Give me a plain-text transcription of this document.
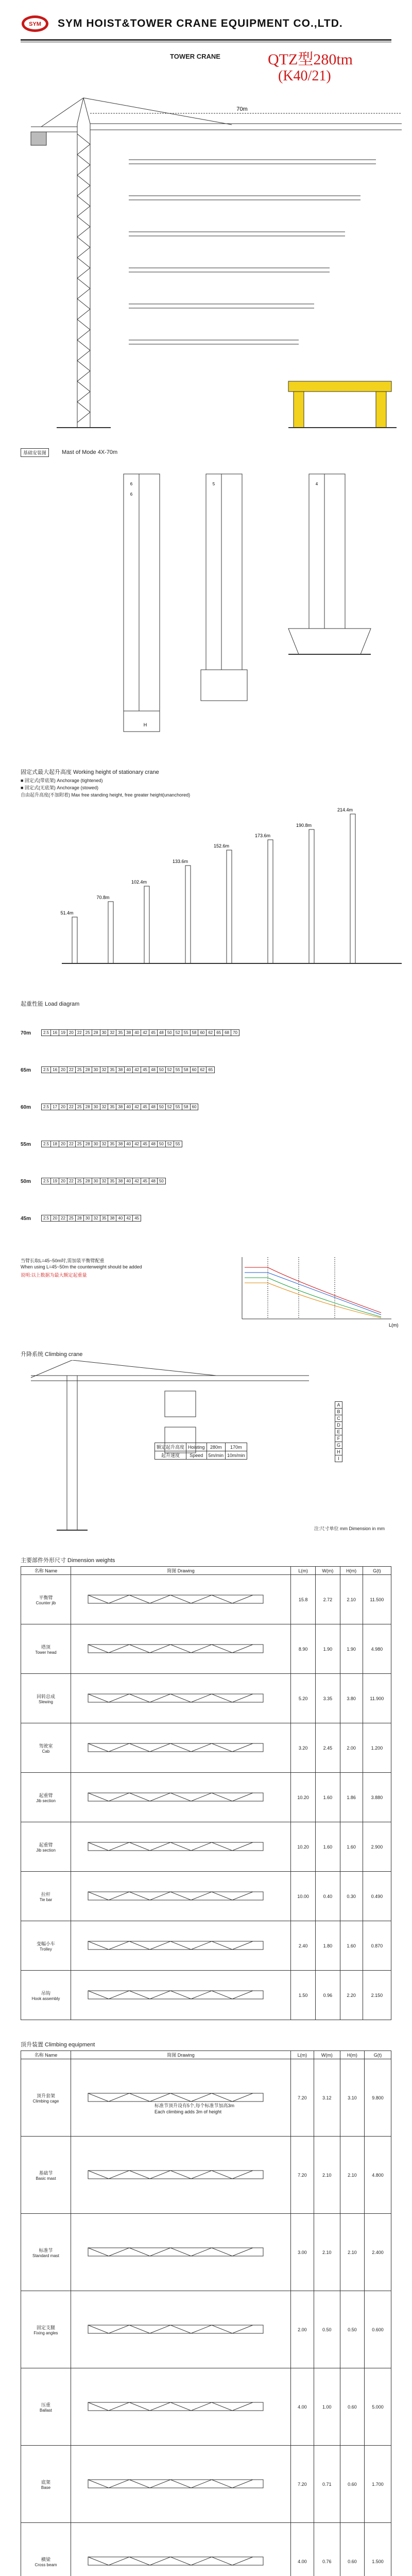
SYM SYM HOIST&TOWER CRANE EQUIPMENT CO.,LTD.
TOWER CRANE	QTZ型280tm
(K40/21)
70m
基础安装图	Mast of Mode 4X-70m
6
6
5	4
H
固定式最大起升高度 Working height of stationary crane
■ 固定式(带底架) Anchorage (tightened)
■ 固定式(无底架) Anchorage (stowed)
自由起升高度(不加附着) Max free standing height, free greater height(unanchored)
51.4m
70.8m
102.4m
133.6m
152.6m
173.6m
190.8m
214.4m
起重性能 Load diagram
70m	2.5	16	19	20	22	25	28	30	32	35	38	40	42	45	48	50	52	55	58	60	62	65	68	70
65m	2.5	16	20	22	25	28	30	32	35	38	40	42	45	48	50	52	55	58	60	62	65
60m	2.5	17	20	22	25	28	30	32	35	38	40	42	45	48	50	52	55	58	60
55m	2.5	18	20	22	25	28	30	32	35	38	40	42	45	48	50	52	55
50m	2.5	19	20	22	25	28	30	32	35	38	40	42	45	48	50
45m	2.5	20	22	25	28	30	32	35	38	40	42	45
当臂长取L=45~50m时,需加装平衡臂配重
When using L=45~50m the counterweight should be added
说明:以上数据为最大额定起重量
L(m)
升降系统 Climbing crane
额定起升高度	Hoisting	280m	170m
起升速度	Speed	5m/min	10m/min
A
B
C
D
E
F
G
H
I
注:尺寸单位 mm Dimension in mm
主要部件外形尺寸 Dimension weights
名称 Name	简图 Drawing	L(m)	W(m)	H(m)	G(t)

平衡臂
Counter jib		15.8	2.72	2.10	11.500

塔顶
Tower head		8.90	1.90	1.90	4.980

回转总成
Slewing		5.20	3.35	3.80	11.900

驾驶室
Cab		3.20	2.45	2.00	1.200

起重臂
Jib section		10.20	1.60	1.86	3.880

起重臂
Jib section		10.20	1.60	1.60	2.900

拉杆
Tie bar		10.00	0.40	0.30	0.490

变幅小车
Trolley		2.40	1.80	1.60	0.870

吊钩
Hook assembly		1.50	0.96	2.20	2.150
顶升装置 Climbing equipment
名称 Name	简图 Drawing	L(m)	W(m)	H(m)	G(t)

顶升套架
Climbing cage		7.20	3.12	3.10	9.800

基础节
Basic mast		7.20	2.10	2.10	4.800

标准节
Standard mast		3.00	2.10	2.10	2.400

固定支腿
Fixing angles		2.00	0.50	0.50	0.600

压重
Ballast		4.00	1.00	0.60	5.000

底架
Base		7.20	0.71	0.60	1.700

横梁
Cross beam		4.00	0.76	0.60	1.500

标准节顶升设有5个,每个标准节加高3m
Each climbing adds 3m of height
